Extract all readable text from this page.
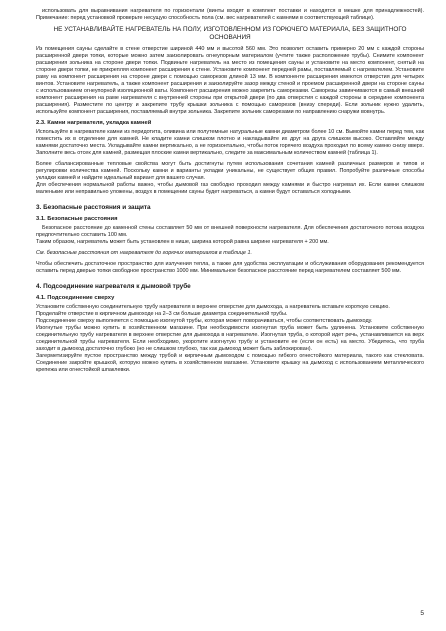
использовать для выравнивания нагревателя по горизонтали (винты входят в комплект поставки и находятся в мешке для принадлежностей). Примечание: перед установкой проверьте несущую способность пола (см. вес нагревателей с камнями в соответствующей таблице).

НЕ УСТАНАВЛИВАЙТЕ НАГРЕВАТЕЛЬ НА ПОЛУ, ИЗГОТОВЛЕННОМ ИЗ ГОРЮЧЕГО МАТЕРИАЛА, БЕЗ ЗАЩИТНОГО ОСНОВАНИЯ

Из помещения сауны сделайте в стене отверстие шириной 440 мм и высотой 560 мм. Это позволит оставить примерно 20 мм с каждой стороны расширенной двери топки, которые можно затем заизолировать огнеупорным материалом (учтите также расположение трубы). Снимите компонент расширения зольника на стороне двери топки. Подвиньте нагреватель на место из помещения сауны и установите на место компонент, снятый на стороне двери топки, не прикрепляя компонент расширения к стене. Установите компонент передней рамы, поставляемый с нагревателем. Установите раму на компонент расширения на стороне двери с помощью саморезов длиной 13 мм. В компоненте расширения имеются отверстия для четырех винтов. Установите нагреватель, а также компонент расширения и заизолируйте зазор между стеной и проемом расширенной двери на стороне сауны с использованием огнеупорной изоляционной ваты. Компонент расширения можно закрепить саморезами. Саморезы завинчиваются в самый внешний компонент расширения на раме нагревателя с внутренней стороны при открытой двери (по два отверстия с каждой стороны в середине компонента расширения). Разместите по центру и закрепите трубу крышки зольника с помощью саморезов (внизу спереди). Если зольник нужно удалить, используйте компонент расширения, поставляемый внутри зольника. Закрепите зольник саморезами по направлению снаружи вовнутрь.

2.3. Камни нагревателя, укладка камней

Используйте в нагревателе камни из перидотита, оливина или полутемные натуральные камни диаметром более 10 см. Вымойте камни перед тем, как поместить их в отделение для камней. Не кладите камни слишком плотно и накладывайте их друг на друга слишком высоко. Оставляйте между камнями достаточно места. Укладывайте камни вертикально, а не горизонтально, чтобы поток горячего воздуха проходил по всему камню снизу вверх. Заполните весь отсек для камней, размещая плоские камни вертикально, следите за максимальным количеством камней (таблица 1).

Более сбалансированные тепловые свойства могут быть достигнуты путем использования сочетания камней различных размеров и типов и регулировки количества камней. Поскольку камни и варианты укладки уникальны, не существует общих правил. Попробуйте различные способы укладки камней и найдите идеальный вариант для вашего случая.

Для обеспечения нормальной работы важно, чтобы дымовой газ свободно проходил между камнями и быстро нагревал их. Если камни слишком маленькие или неправильно уложены, воздух в помещении сауны будет нагреваться, а камни будут оставаться холодными.

3. Безопасные расстояния и защита
3.1. Безопасные расстояния

Безопасное расстояние до каменной стены составляет 50 мм от внешней поверхности нагревателя. Для обеспечения достаточного потока воздуха предпочтительно составить 100 мм.

Таким образом, нагреватель может быть установлен в нише, ширина которой равна ширине нагревателя + 200 мм.

См. безопасные расстояния от нагревателя до горючих материалов в таблице 1.

Чтобы обеспечить достаточное пространство для излучения тепла, а также для удобства эксплуатации и обслуживания оборудования рекомендуется оставить перед дверью топки свободное пространство 1000 мм. Минимальное безопасное расстояние перед нагревателем составляет 500 мм.

4. Подсоединение нагревателя к дымовой трубе
4.1. Подсоединение сверху

Установите собственную соединительную трубу нагревателя в верхнее отверстие для дымохода, а нагреватель вставьте короткую секцию.

Проделайте отверстие в кирпичном дымоходе на 2–3 см больше диаметра соединительной трубы.

Подсоединение сверху выполняется с помощью изогнутой трубы, которая может поворачиваться, чтобы соответствовать дымоходу.

Изогнутые трубы можно купить в хозяйственном магазине. При необходимости изогнутая труба может быть удлинена. Установите собственную соединительную трубу нагревателя в верхнее отверстие для дымохода в нагревателе. Изогнутая труба, о которой идет речь, устанавливается на верх соединительной трубы нагревателя. Если необходимо, укоротите изогнутую трубу и установите ее (если он есть) на место. Убедитесь, что труба заходит в дымоход достаточно глубоко (но не слишком глубоко, так как дымоход может быть заблокирован).

Загерметизируйте пустое пространство между трубой и кирпичным дымоходом с помощью гибкого огнестойкого материала, такого как стекловата. Соединение закройте крышкой, которую можно купить в хозяйственном магазине. Установите крышку на дымоход с использованием металлического крепежа или огнестойкой шпаклевки.

5
